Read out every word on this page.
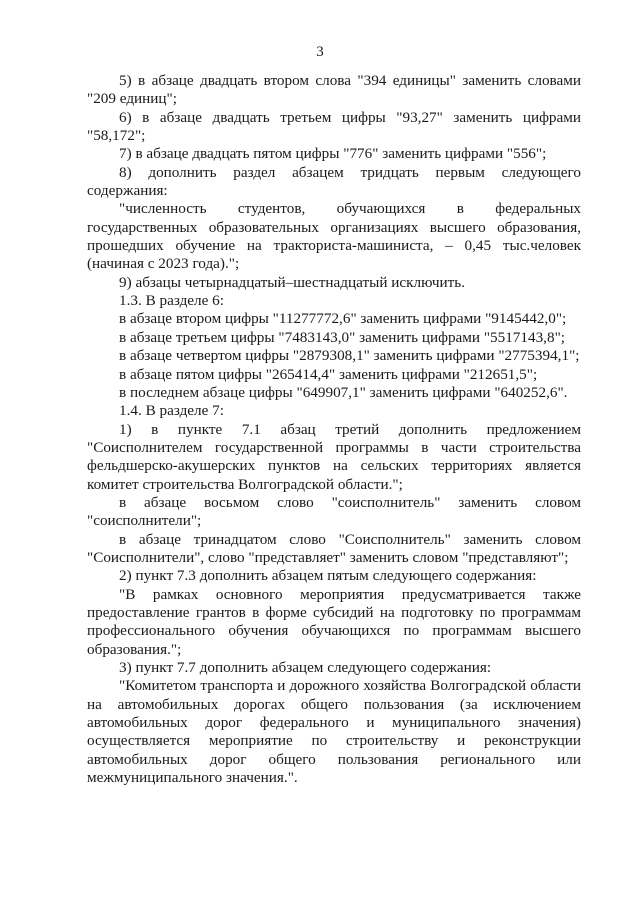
3

5) в абзаце двадцать втором слова "394 единицы" заменить словами "209 единиц";

6) в абзаце двадцать третьем цифры "93,27" заменить цифрами "58,172";

7) в абзаце двадцать пятом цифры "776" заменить цифрами "556";

8) дополнить раздел абзацем тридцать первым следующего содержания:

"численность студентов, обучающихся в федеральных государственных образовательных организациях высшего образования, прошедших обучение на тракториста-машиниста, – 0,45 тыс.человек (начиная с 2023 года).";

9) абзацы четырнадцатый–шестнадцатый исключить.

1.3. В разделе 6:

в абзаце втором цифры "11277772,6" заменить цифрами "9145442,0";

в абзаце третьем цифры "7483143,0" заменить цифрами "5517143,8";

в абзаце четвертом цифры "2879308,1" заменить цифрами "2775394,1";

в абзаце пятом цифры "265414,4" заменить цифрами "212651,5";

в последнем абзаце цифры "649907,1" заменить цифрами "640252,6".

1.4. В разделе 7:

1) в пункте 7.1 абзац третий дополнить предложением "Соисполнителем государственной программы в части строительства фельдшерско-акушерских пунктов на сельских территориях является комитет строительства Волгоградской области.";

в абзаце восьмом слово "соисполнитель" заменить словом "соисполнители";

в абзаце тринадцатом слово "Соисполнитель" заменить словом "Соисполнители", слово "представляет" заменить словом "представляют";

2) пункт 7.3 дополнить абзацем пятым следующего содержания:

"В рамках основного мероприятия предусматривается также предоставление грантов в форме субсидий на подготовку по программам профессионального обучения обучающихся по программам высшего образования.";

3) пункт 7.7 дополнить абзацем следующего содержания:

"Комитетом транспорта и дорожного хозяйства Волгоградской области на автомобильных дорогах общего пользования (за исключением автомобильных дорог федерального и муниципального значения) осуществляется мероприятие по строительству и реконструкции автомобильных дорог общего пользования регионального или межмуниципального значения.".
